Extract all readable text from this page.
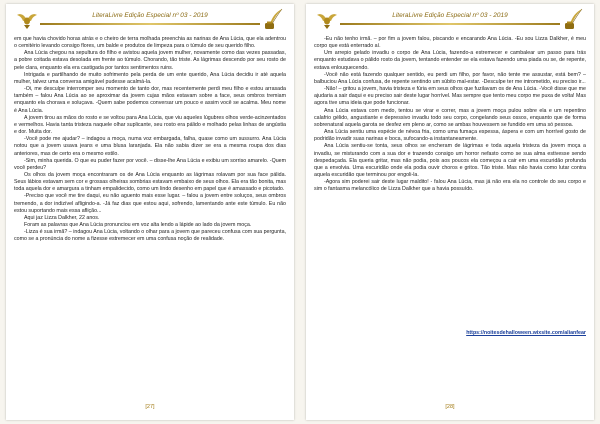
LiteraLivre Edição Especial nº 03 - 2019

em que havia chovido horas atrás e o cheiro de terra molhada preenchia as narinas de Ana Lúcia, que ela adentrou o cemitério levando consigo flores, um balde e produtos de limpeza para o túmulo de seu querido filho.

Ana Lúcia chegou na sepultura do filho e avistou aquela jovem mulher, novamente como das vezes passadas, a pobre coitada estava desolada em frente ao túmulo. Chorando, tão triste. As lágrimas descendo por seu rosto de pele clara, enquanto ela era castigada por tantos sentimentos ruins.

Intrigada e partilhando de muito sofrimento pela perda de um ente querido, Ana Lúcia decidiu ir até aquela mulher, talvez uma conversa amigável pudesse acalmá-la.

-Oi, me desculpe interromper seu momento de tanto dor, mas recentemente perdi meu filho e estou arrasada também – falou Ana Lúcia ao se aproximar da jovem cujas mãos estavam sobre a face, seus ombros tremiam enquanto ela chorava e soluçava. -Quem sabe podemos conversar um pouco e assim você se acalma. Meu nome é Ana Lúcia.

A jovem tirou as mãos do rosto e se voltou para Ana Lúcia, que viu aqueles lúgubres olhos verde-acinzentados e vermelhos. Havia tanta tristeza naquele olhar suplicante, seu rosto era pálido e molhado pelas linhas de angústia e dor. Muita dor.

-Você pode me ajudar? – indagou a moça, numa voz embargada, falha, quase como um sussurro. Ana Lúcia notou que a jovem usava jeans e uma blusa laranjada. Ela não sabia dizer se era a mesma roupa dos dias anteriores, mas de certo era o mesmo estilo.

-Sim, minha querida. O que eu puder fazer por você. – disse-lhe Ana Lúcia e exibiu um sorriso amarelo. -Quem você perdeu?

Os olhos da jovem moça encontraram os de Ana Lúcia enquanto as lágrimas rolavam por sua face pálida. Seus lábios estavam sem cor e grossas olheiras sombrias estavam embaixo de seus olhos. Ela era tão bonita, mas toda aquela dor e amargura a tinham empalidecido, como um lindo desenho em papel que é amassado e picotado.

-Preciso que você me tire daqui, eu não aguento mais esse lugar. – falou a jovem entre soluços, seus ombros tremendo, a dor indizível afligindo-a. -Já faz dias que estou aqui, sofrendo, lamentando ante este túmulo. Eu não estou suportando mais essa aflição...

Aqui jaz Lizza Dalkher, 22 anos.

Foram as palavras que Ana Lúcia pronunciou em voz alta lendo a lápide ao lado da jovem moça.

-Lizza é sua irmã? – indagou Ana Lúcia, voltando o olhar para a jovem que pareceu confusa com sua pergunta, como se a pronúncia do nome a fizesse estremecer em uma confusa noção de realidade.

[27]
LiteraLivre Edição Especial nº 03 - 2019

-Eu não tenho irmã. – por fim a jovem falou, piscando e encarando Ana Lúcia. -Eu sou Lizza Dalkher, é meu corpo que está enterrado aí.

Um arrepio gelado invadiu o corpo de Ana Lúcia, fazendo-a estremecer e cambalear um passo para trás enquanto estudava o pálido rosto da jovem, tentando entender se ela estava fazendo uma piada ou se, de repente, estava enlouquecendo.

-Você não está fazendo qualquer sentido, eu perdi um filho, por favor, não tente me assustar, está bem? – balbuciou Ana Lúcia confusa, de repente sentindo um súbito mal-estar. -Desculpe ter me intrometido, eu preciso ir...

-Não! – gritou a jovem, havia tristeza e fúria em seus olhos que fuzilavam os de Ana Lúcia. -Você disse que me ajudaria a sair daqui e eu preciso sair deste lugar horrível. Mas sempre que tento meu corpo me puxa de volta! Mas agora tive uma ideia que pode funcionar.

Ana Lúcia estava com medo, tentou se virar e correr, mas a jovem moça pulou sobre ela e um repentino calafrio gélido, angustiante e depressivo invadiu todo seu corpo, congelando seus ossos, enquanto que de forma sobrenatural aquela garota se desfez em pleno ar, como se ambas houvessem se fundido em uma só pessoa.

Ana Lúcia sentiu uma espécie de névoa fria, como uma fumaça espessa, áspera e com um horrível gosto de podridão invadir suas narinas e boca, sufocando-a instantaneamente.

Ana Lúcia sentiu-se tonta, seus olhos se encheram de lágrimas e toda aquela tristeza da jovem moça a invadiu, se misturando com a sua dor e trazendo consigo um horror nefasto como se sua alma estivesse sendo despedaçada. Ela queria gritar, mas não podia, pois aos poucos ela começou a cair em uma escuridão profunda que a envolvia. Uma escuridão onde ela podia ouvir choros e gritos. Tão triste. Mas não havia como lutar contra aquela escuridão que terminou por engoli-la.

-Agora sim poderei sair deste lugar maldito! - falou Ana Lúcia, mas já não era ela no controle do seu corpo e sim o fantasma melancólico de Lizza Dalkher que a havia possuído.

https://noitesdehalloween.wixsite.com/alianfear
[28]
